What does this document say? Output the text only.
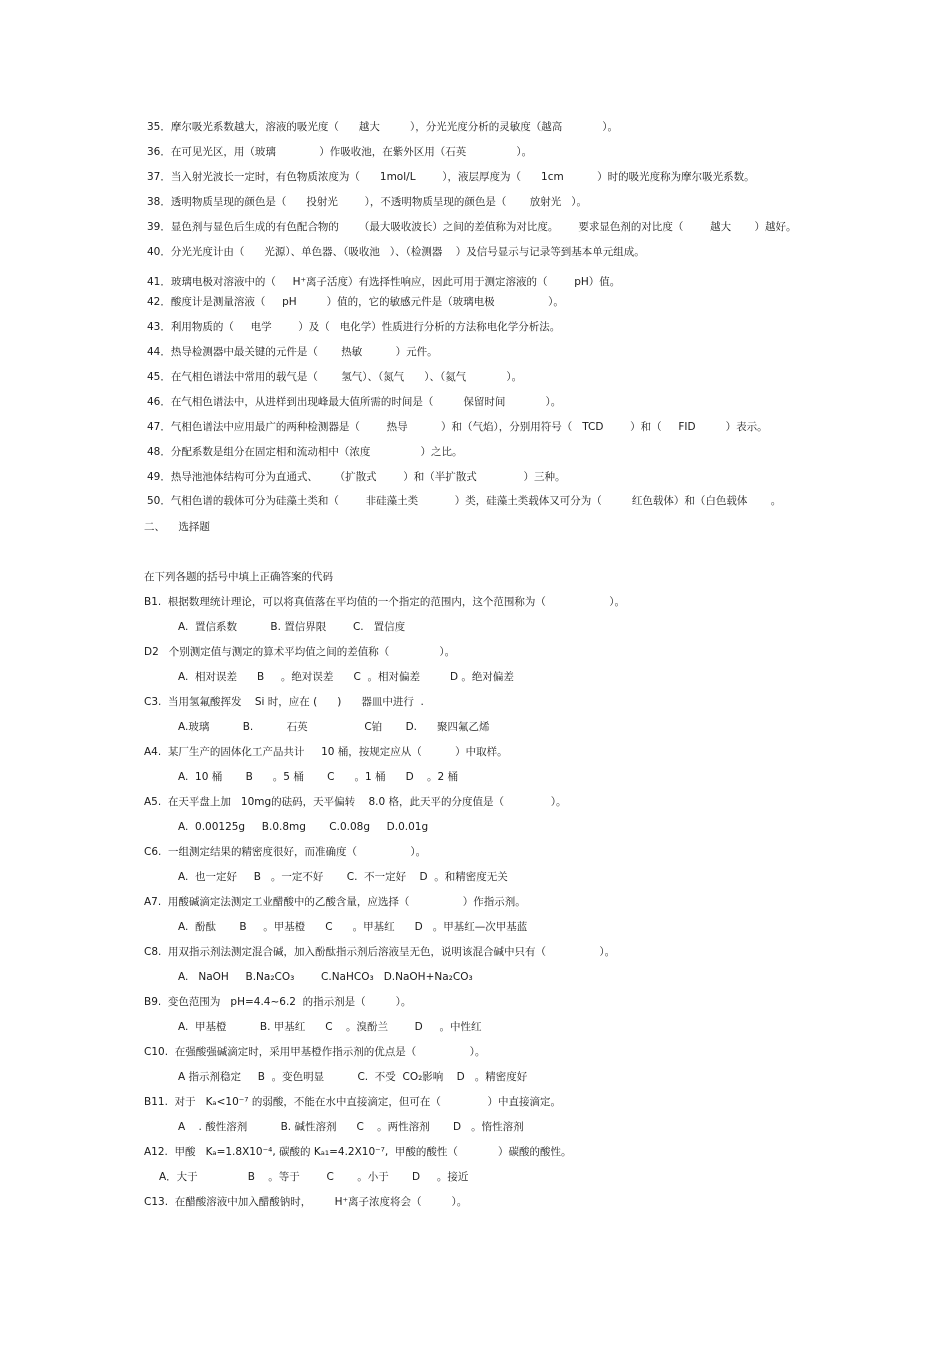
35．摩尔吸光系数越大，溶液的吸光度（      越大         ），分光光度分析的灵敏度（越高            ）。
36．在可见光区，用（玻璃             ）作吸收池，在紫外区用（石英               ）。
37．当入射光波长一定时，有色物质浓度为（      1mol/L        ），液层厚度为（      1cm          ）时的吸光度称为摩尔吸光系数。
38．透明物质呈现的颜色是（      投射光        ），不透明物质呈现的颜色是（       放射光   ）。
39．显色剂与显色后生成的有色配合物的      （最大吸收波长）之间的差值称为对比度。      要求显色剂的对比度（        越大       ）越好。
40．分光光度计由（      光源）、单色器、（吸收池   ）、（检测器    ）及信号显示与记录等到基本单元组成。
41．玻璃电极对溶液中的（     H⁺离子活度）有选择性响应，因此可用于测定溶液的（        pH）值。
42．酸度计是测量溶液（     pH         ）值的，它的敏感元件是（玻璃电极                ）。
43．利用物质的（     电学        ）及（   电化学）性质进行分析的方法称电化学分析法。
44．热导检测器中最关键的元件是（       热敏          ）元件。
45．在气相色谱法中常用的载气是（       氢气）、（氮气      ）、（氦气            ）。
46．在气相色谱法中，从进样到出现峰最大值所需的时间是（         保留时间            ）。
47．气相色谱法中应用最广的两种检测器是（        热导          ）和（气焰），分别用符号（   TCD        ）和（     FID         ）表示。
48．分配系数是组分在固定相和流动相中（浓度               ）之比。
49．热导池池体结构可分为直通式、     （扩散式        ）和（半扩散式              ）三种。
50．气相色谱的载体可分为硅藻土类和（        非硅藻土类           ）类，硅藻土类载体又可分为（         红色载体）和（白色载体       。
二、    选择题
在下列各题的括号中填上正确答案的代码
B1.  根据数理统计理论，可以将真值落在平均值的一个指定的范围内，这个范围称为（                   ）。
A.  置信系数          B. 置信界限        C.   置信度
D2   个别测定值与测定的算术平均值之间的差值称（               ）。
A.  相对误差      B     。绝对误差      C  。相对偏差         D 。绝对偏差
C3.  当用氢氟酸挥发    Si 时，应在 (      )      器皿中进行  .
A.玻璃          B.          石英                 C铂       D.      聚四氟乙烯
A4.  某厂生产的固体化工产品共计     10 桶，按规定应从（          ）中取样。
A.  10 桶       B      。5 桶       C      。1 桶      D    。2 桶
A5.  在天平盘上加   10mg的砝码，天平偏转    8.0 格，此天平的分度值是（              ）。
A.  0.00125g     B.0.8mg       C.0.08g     D.0.01g
C6.  一组测定结果的精密度很好，而准确度（                ）。
A.  也一定好     B   。一定不好       C.  不一定好    D  。和精密度无关
A7.  用酸碱滴定法测定工业醋酸中的乙酸含量，应选择（                ）作指示剂。
A.  酚酞       B     。甲基橙      C      。甲基红      D   。甲基红—次甲基蓝
C8.  用双指示剂法测定混合碱，加入酚酞指示剂后溶液呈无色，说明该混合碱中只有（                ）。
A.   NaOH     B.Na₂CO₃        C.NaHCO₃   D.NaOH+Na₂CO₃
B9.  变色范围为   pH=4.4~6.2  的指示剂是（         ）。
A.  甲基橙          B. 甲基红      C    。溴酚兰        D     。中性红
C10.  在强酸强碱滴定时，采用甲基橙作指示剂的优点是（                ）。
A 指示剂稳定     B  。变色明显          C.  不受  CO₂影响    D   。精密度好
B11.  对于   Kₐ<10⁻⁷ 的弱酸，不能在水中直接滴定，但可在（              ）中直接滴定。
A    . 酸性溶剂          B. 碱性溶剂      C    。两性溶剂       D   。惰性溶剂
A12.  甲酸   Kₐ=1.8X10⁻⁴, 碳酸的 Kₐ₁=4.2X10⁻⁷,  甲酸的酸性（            ）碳酸的酸性。
A．大于               B    。等于        C       。小于       D     。接近
C13.  在醋酸溶液中加入醋酸钠时，       H⁺离子浓度将会（         ）。
